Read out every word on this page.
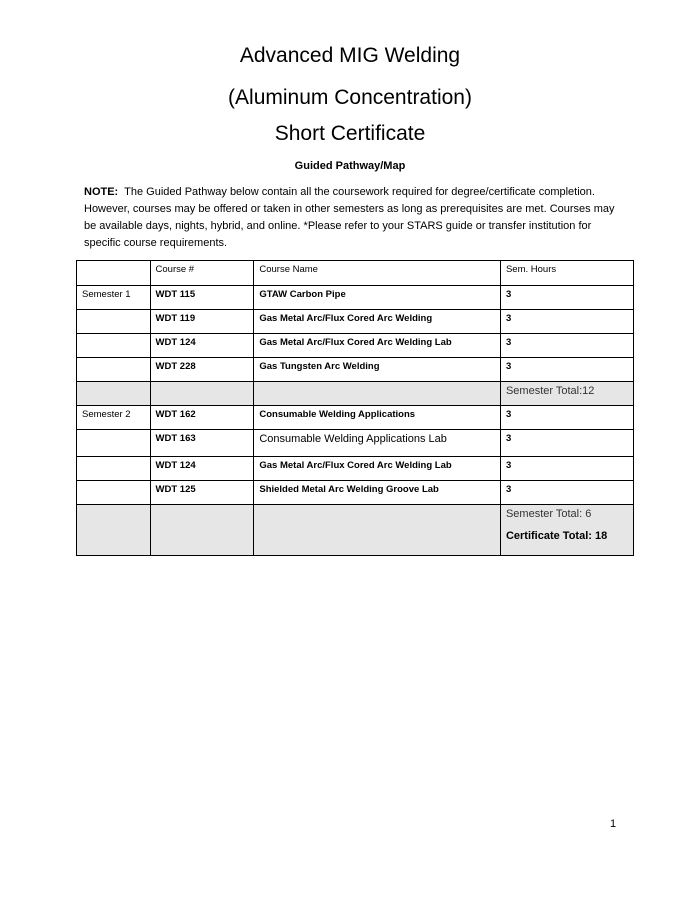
Advanced MIG Welding
(Aluminum Concentration)
Short Certificate
Guided Pathway/Map
NOTE: The Guided Pathway below contain all the coursework required for degree/certificate completion. However, courses may be offered or taken in other semesters as long as prerequisites are met. Courses may be available days, nights, hybrid, and online. *Please refer to your STARS guide or transfer institution for specific course requirements.
	Course #	Course Name	Sem. Hours
Semester 1	WDT 115	GTAW Carbon Pipe	3
	WDT 119	Gas Metal Arc/Flux Cored Arc Welding	3
	WDT 124	Gas Metal Arc/Flux Cored Arc Welding Lab	3
	WDT 228	Gas Tungsten Arc Welding	3
			Semester Total:12
Semester 2	WDT 162	Consumable Welding Applications	3
	WDT 163	Consumable Welding Applications Lab	3
	WDT 124	Gas Metal Arc/Flux Cored Arc Welding Lab	3
	WDT 125	Shielded Metal Arc Welding Groove Lab	3

			Semester Total: 6
Certificate Total: 18
1
